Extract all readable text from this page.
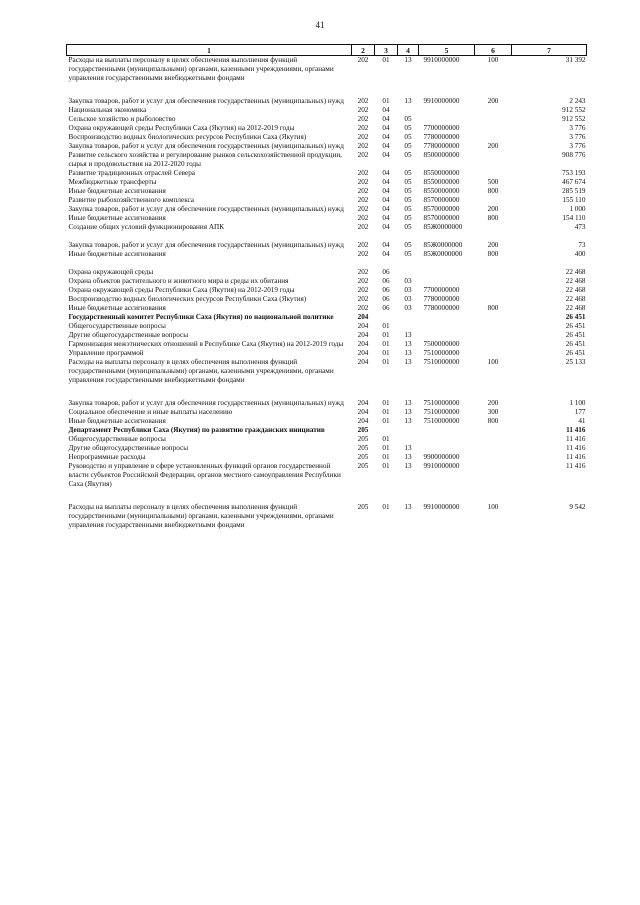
41
1	2	3	4	5	6	7
Расходы на выплаты персоналу в целях обеспечения выполнения функций государственными (муниципальными) органами, казенными учреждениями, органами управления государственными внебюджетными фондами	202	01	13	9910000000	100	31 392
Закупка товаров, работ и услуг для обеспечения государственных (муниципальных) нужд	202	01	13	9910000000	200	2 243
Национальная экономика	202	04				912 552
Сельское хозяйство и рыболовство	202	04	05			912 552
Охрана окружающей среды Республики Саха (Якутия) на 2012-2019 годы	202	04	05	7700000000		3 776
Воспроизводство водных биологических ресурсов Республики Саха (Якутия)	202	04	05	7780000000		3 776
Закупка товаров, работ и услуг для обеспечения государственных (муниципальных) нужд	202	04	05	7780000000	200	3 776
Развитие сельского хозяйства и регулирование рынков сельскохозяйственной продукции, сырья и продовольствия на 2012-2020 годы	202	04	05	8500000000		908 776
Развитие традиционных отраслей Севера	202	04	05	8550000000		753 193
Межбюджетные трансферты	202	04	05	8550000000	500	467 674
Иные бюджетные ассигнования	202	04	05	8550000000	800	285 519
Развитие рыбохозяйственного комплекса	202	04	05	8570000000		155 110
Закупка товаров, работ и услуг для обеспечения государственных (муниципальных) нужд	202	04	05	8570000000	200	1 000
Иные бюджетные ассигнования	202	04	05	8570000000	800	154 110
Создание общих условий функционирования АПК	202	04	05	85Ж0000000		473
Закупка товаров, работ и услуг для обеспечения государственных (муниципальных) нужд	202	04	05	85Ж0000000	200	73
Иные бюджетные ассигнования	202	04	05	85Ж0000000	800	400
Охрана окружающей среды	202	06				22 468
Охрана объектов растительного и животного мира и среды их обитания	202	06	03			22 468
Охрана окружающей среды Республики Саха (Якутия) на 2012-2019 годы	202	06	03	7700000000		22 468
Воспроизводство водных биологических ресурсов Республики Саха (Якутия)	202	06	03	7780000000		22 468
Иные бюджетные ассигнования	202	06	03	7780000000	800	22 468
Государственный комитет Республики Саха (Якутия) по национальной политике	204					26 451
Общегосударственные вопросы	204	01				26 451
Другие общегосударственные вопросы	204	01	13			26 451
Гармонизация межэтнических отношений в Республике Саха (Якутия) на 2012-2019 годы	204	01	13	7500000000		26 451
Управление программой	204	01	13	7510000000		26 451
Расходы на выплаты персоналу в целях обеспечения выполнения функций государственными (муниципальными) органами, казенными учреждениями, органами управления государственными внебюджетными фондами	204	01	13	7510000000	100	25 133
Закупка товаров, работ и услуг для обеспечения государственных (муниципальных) нужд	204	01	13	7510000000	200	1 100
Социальное обеспечение и иные выплаты населению	204	01	13	7510000000	300	177
Иные бюджетные ассигнования	204	01	13	7510000000	800	41
Департамент Республики Саха (Якутия) по развитию гражданских инициатив	205					11 416
Общегосударственные вопросы	205	01				11 416
Другие общегосударственные вопросы	205	01	13			11 416
Непрограммные расходы	205	01	13	9900000000		11 416
Руководство и управление в сфере установленных функций органов государственной власти субъектов Российской Федерации, органов местного самоуправления Республики Саха (Якутия)	205	01	13	9910000000		11 416
Расходы на выплаты персоналу в целях обеспечения выполнения функций государственными (муниципальными) органами, казенными учреждениями, органами управления государственными внебюджетными фондами	205	01	13	9910000000	100	9 542
